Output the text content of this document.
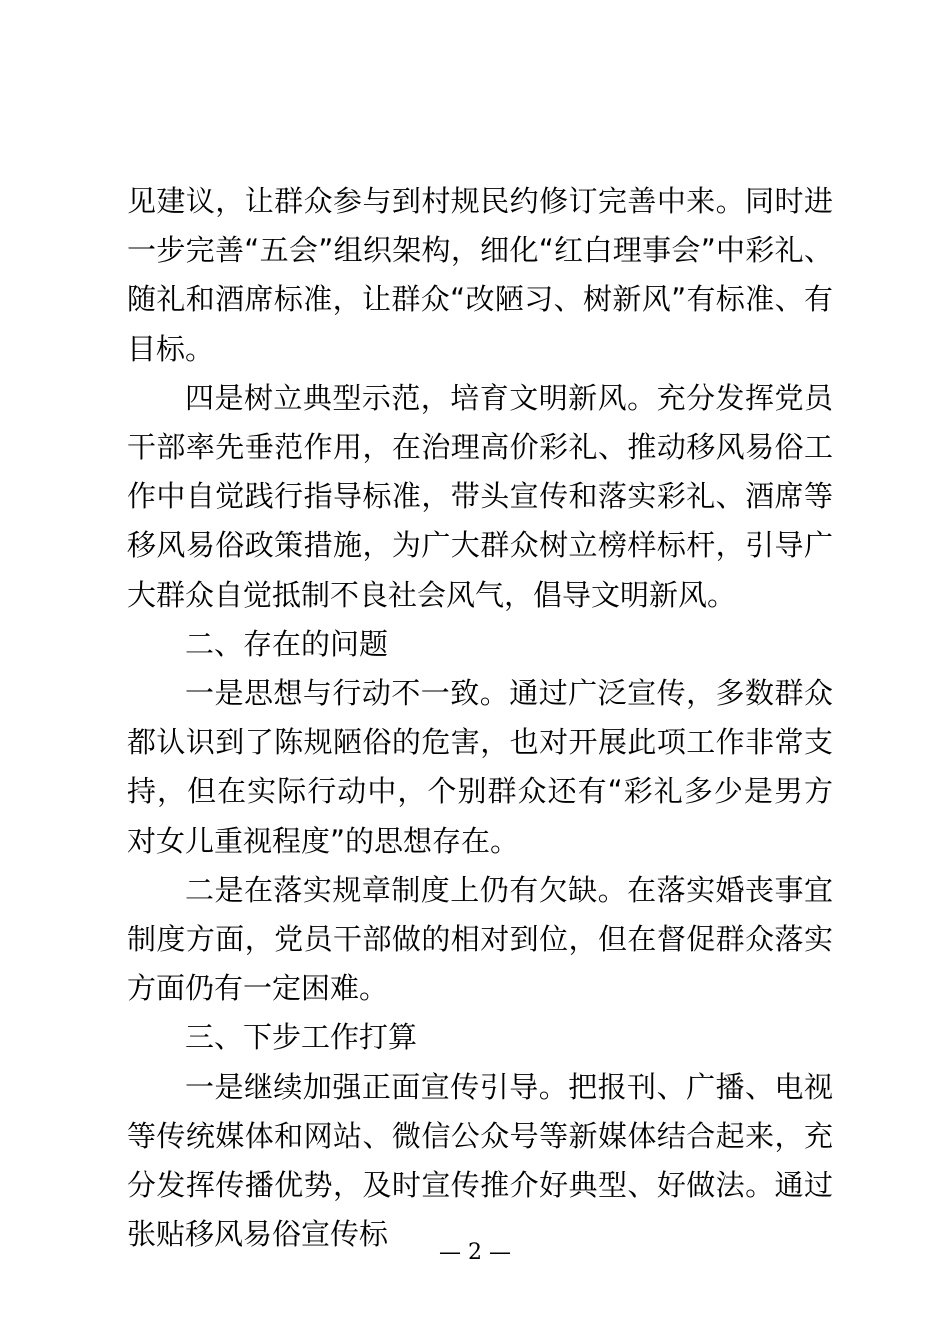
见建议，让群众参与到村规民约修订完善中来。同时进一步完善“五会”组织架构，细化“红白理事会”中彩礼、随礼和酒席标准，让群众“改陋习、树新风”有标准、有目标。

四是树立典型示范，培育文明新风。充分发挥党员干部率先垂范作用，在治理高价彩礼、推动移风易俗工作中自觉践行指导标准，带头宣传和落实彩礼、酒席等移风易俗政策措施，为广大群众树立榜样标杆，引导广大群众自觉抵制不良社会风气，倡导文明新风。

二、存在的问题

一是思想与行动不一致。通过广泛宣传，多数群众都认识到了陈规陋俗的危害，也对开展此项工作非常支持，但在实际行动中，个别群众还有“彩礼多少是男方对女儿重视程度”的思想存在。

二是在落实规章制度上仍有欠缺。在落实婚丧事宜制度方面，党员干部做的相对到位，但在督促群众落实方面仍有一定困难。

三、下步工作打算

一是继续加强正面宣传引导。把报刊、广播、电视等传统媒体和网站、微信公众号等新媒体结合起来，充分发挥传播优势，及时宣传推介好典型、好做法。通过张贴移风易俗宣传标

— 2 —
